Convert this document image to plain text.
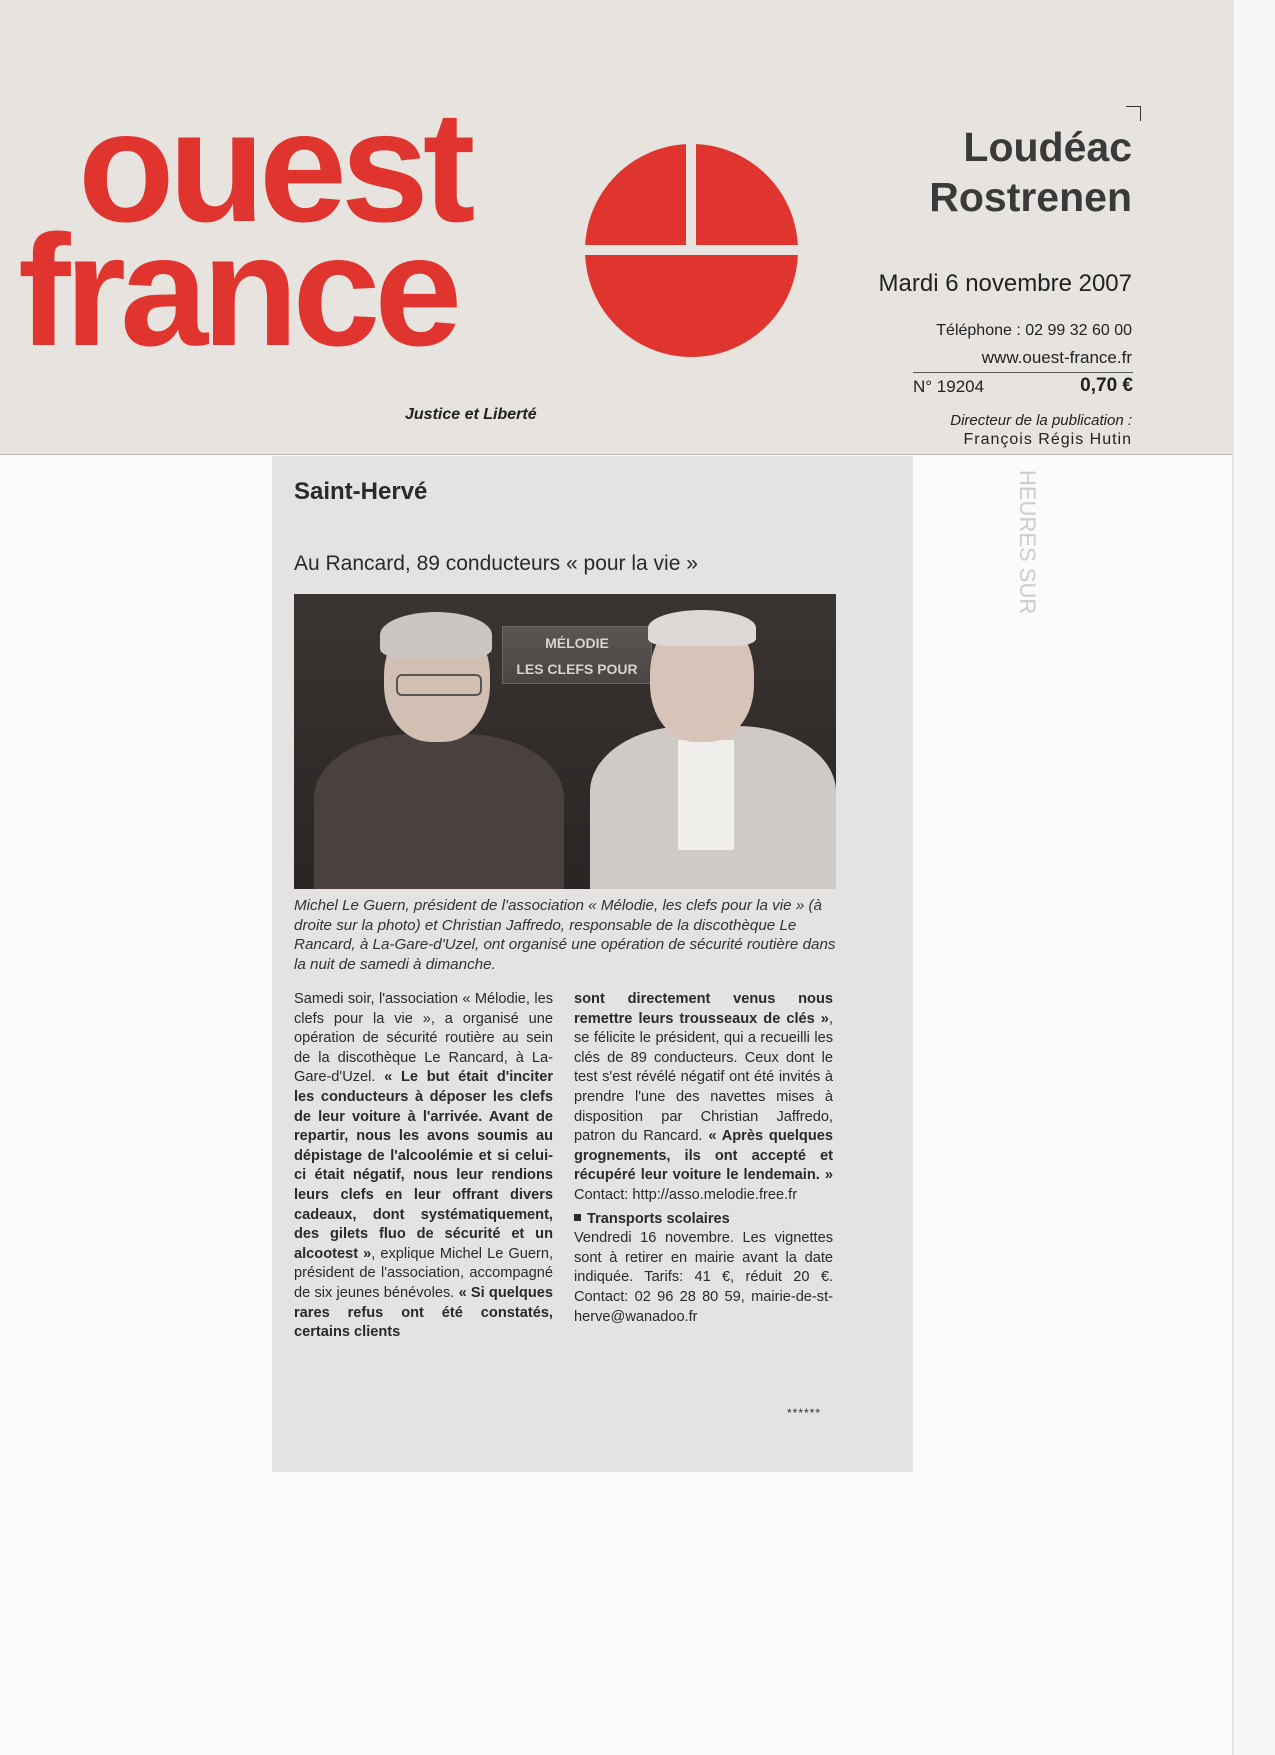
HEURES SUR
ouest
france
Justice et Liberté
Loudéac
Rostrenen
Mardi 6 novembre 2007
Téléphone : 02 99 32 60 00
www.ouest-france.fr
N° 19204	0,70 €
Directeur de la publication :
François Régis Hutin
Saint-Hervé
Au Rancard, 89 conducteurs « pour la vie »
MÉLODIE
LES CLEFS POUR
Michel Le Guern, président de l'association « Mélodie, les clefs pour la vie » (à droite sur la photo) et Christian Jaffredo, responsable de la discothèque Le Rancard, à La-Gare-d'Uzel, ont organisé une opération de sécurité routière dans la nuit de samedi à dimanche.

Samedi soir, l'association « Mélodie, les clefs pour la vie », a organisé une opération de sécurité routière au sein de la discothèque Le Rancard, à La-Gare-d'Uzel. « Le but était d'inciter les conducteurs à déposer les clefs de leur voiture à l'arrivée. Avant de repartir, nous les avons soumis au dépistage de l'alcoolémie et si celui-ci était négatif, nous leur rendions leurs clefs en leur offrant divers cadeaux, dont systématiquement, des gilets fluo de sécurité et un alcootest », explique Michel Le Guern, président de l'association, accompagné de six jeunes bénévoles. « Si quelques rares refus ont été constatés, certains clients

sont directement venus nous remettre leurs trousseaux de clés », se félicite le président, qui a recueilli les clés de 89 conducteurs. Ceux dont le test s'est révélé négatif ont été invités à prendre l'une des navettes mises à disposition par Christian Jaffredo, patron du Rancard. « Après quelques grognements, ils ont accepté et récupéré leur voiture le lendemain. » Contact: http://asso.melodie.free.fr

Transports scolaires

Vendredi 16 novembre. Les vignettes sont à retirer en mairie avant la date indiquée. Tarifs: 41 €, réduit 20 €. Contact: 02 96 28 80 59, mairie-de-st-herve@wanadoo.fr

******
